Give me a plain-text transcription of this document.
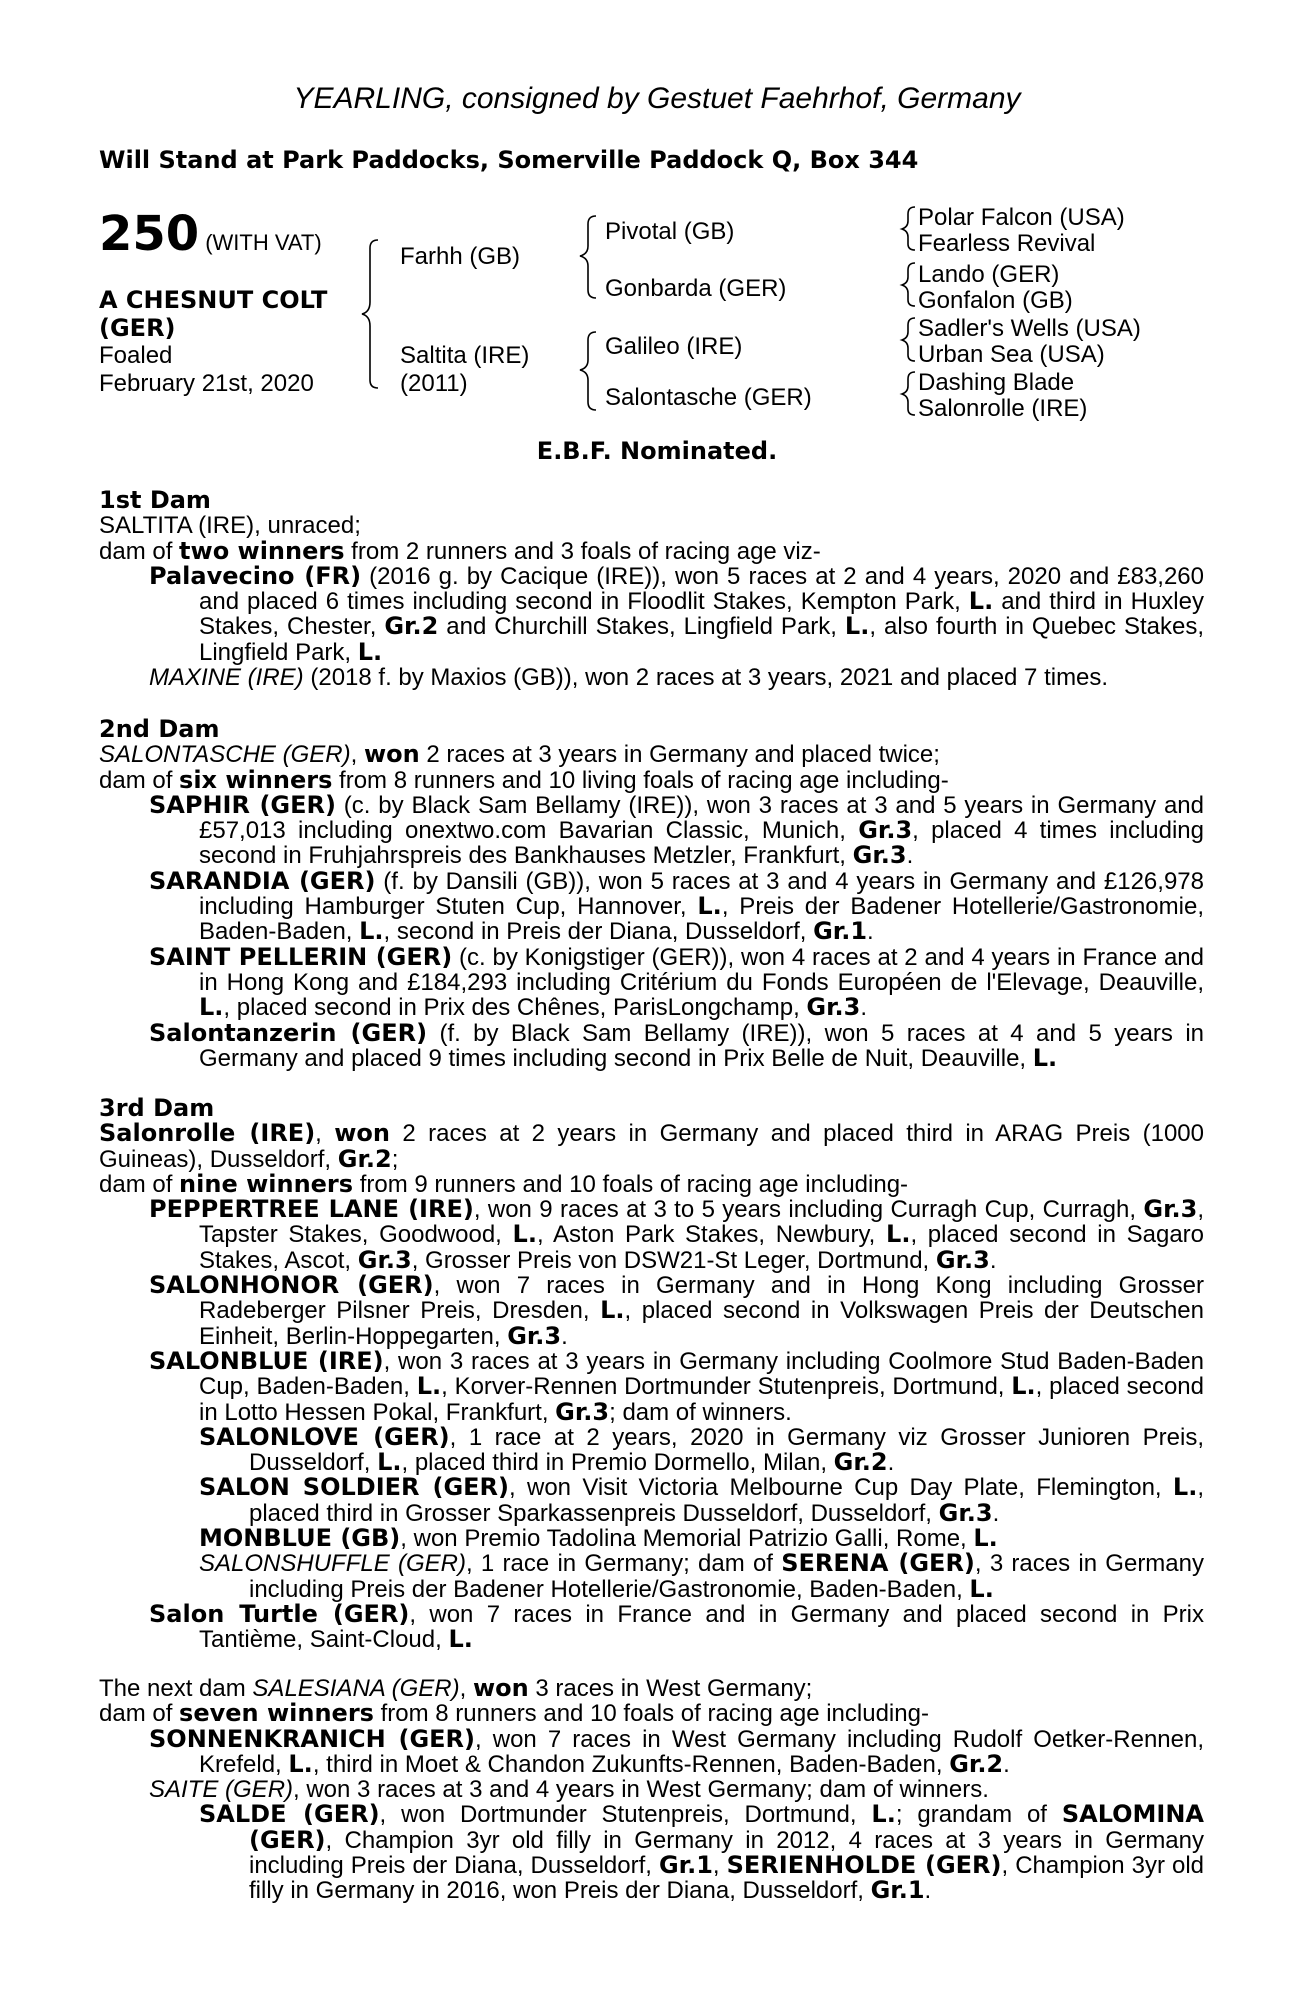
YEARLING, consigned by Gestuet Faehrhof, Germany
Will Stand at Park Paddocks, Somerville Paddock Q, Box 344
250 (WITH VAT)
A CHESNUT COLT
(GER)
Foaled
February 21st, 2020
Farhh (GB)
Saltita (IRE)
(2011)
Pivotal (GB)
Gonbarda (GER)
Galileo (IRE)
Salontasche (GER)
Polar Falcon (USA)
Fearless Revival
Lando (GER)
Gonfalon (GB)
Sadler's Wells (USA)
Urban Sea (USA)
Dashing Blade
Salonrolle (IRE)
E.B.F. Nominated.
1st Dam
SALTITA (IRE), unraced;
dam of two winners from 2 runners and 3 foals of racing age viz-
Palavecino (FR) (2016 g. by Cacique (IRE)), won 5 races at 2 and 4 years, 2020 and £83,260 and placed 6 times including second in Floodlit Stakes, Kempton Park, L. and third in Huxley Stakes, Chester, Gr.2 and Churchill Stakes, Lingfield Park, L., also fourth in Quebec Stakes, Lingfield Park, L.
MAXINE (IRE) (2018 f. by Maxios (GB)), won 2 races at 3 years, 2021 and placed 7 times.
2nd Dam
SALONTASCHE (GER), won 2 races at 3 years in Germany and placed twice;
dam of six winners from 8 runners and 10 living foals of racing age including-
SAPHIR (GER) (c. by Black Sam Bellamy (IRE)), won 3 races at 3 and 5 years in Germany and £57,013 including onextwo.com Bavarian Classic, Munich, Gr.3, placed 4 times including second in Fruhjahrspreis des Bankhauses Metzler, Frankfurt, Gr.3.
SARANDIA (GER) (f. by Dansili (GB)), won 5 races at 3 and 4 years in Germany and £126,978 including Hamburger Stuten Cup, Hannover, L., Preis der Badener Hotellerie/Gastronomie, Baden-Baden, L., second in Preis der Diana, Dusseldorf, Gr.1.
SAINT PELLERIN (GER) (c. by Konigstiger (GER)), won 4 races at 2 and 4 years in France and in Hong Kong and £184,293 including Critérium du Fonds Européen de l'Elevage, Deauville, L., placed second in Prix des Chênes, ParisLongchamp, Gr.3.
Salontanzerin (GER) (f. by Black Sam Bellamy (IRE)), won 5 races at 4 and 5 years in Germany and placed 9 times including second in Prix Belle de Nuit, Deauville, L.
3rd Dam
Salonrolle (IRE), won 2 races at 2 years in Germany and placed third in ARAG Preis (1000 Guineas), Dusseldorf, Gr.2;
dam of nine winners from 9 runners and 10 foals of racing age including-
PEPPERTREE LANE (IRE), won 9 races at 3 to 5 years including Curragh Cup, Curragh, Gr.3, Tapster Stakes, Goodwood, L., Aston Park Stakes, Newbury, L., placed second in Sagaro Stakes, Ascot, Gr.3, Grosser Preis von DSW21-St Leger, Dortmund, Gr.3.
SALONHONOR (GER), won 7 races in Germany and in Hong Kong including Grosser Radeberger Pilsner Preis, Dresden, L., placed second in Volkswagen Preis der Deutschen Einheit, Berlin-Hoppegarten, Gr.3.
SALONBLUE (IRE), won 3 races at 3 years in Germany including Coolmore Stud Baden-Baden Cup, Baden-Baden, L., Korver-Rennen Dortmunder Stutenpreis, Dortmund, L., placed second in Lotto Hessen Pokal, Frankfurt, Gr.3; dam of winners.
SALONLOVE (GER), 1 race at 2 years, 2020 in Germany viz Grosser Junioren Preis, Dusseldorf, L., placed third in Premio Dormello, Milan, Gr.2.
SALON SOLDIER (GER), won Visit Victoria Melbourne Cup Day Plate, Flemington, L., placed third in Grosser Sparkassenpreis Dusseldorf, Dusseldorf, Gr.3.
MONBLUE (GB), won Premio Tadolina Memorial Patrizio Galli, Rome, L.
SALONSHUFFLE (GER), 1 race in Germany; dam of SERENA (GER), 3 races in Germany including Preis der Badener Hotellerie/Gastronomie, Baden-Baden, L.
Salon Turtle (GER), won 7 races in France and in Germany and placed second in Prix Tantième, Saint-Cloud, L.
The next dam SALESIANA (GER), won 3 races in West Germany;
dam of seven winners from 8 runners and 10 foals of racing age including-
SONNENKRANICH (GER), won 7 races in West Germany including Rudolf Oetker-Rennen, Krefeld, L., third in Moet & Chandon Zukunfts-Rennen, Baden-Baden, Gr.2.
SAITE (GER), won 3 races at 3 and 4 years in West Germany; dam of winners.
SALDE (GER), won Dortmunder Stutenpreis, Dortmund, L.; grandam of SALOMINA (GER), Champion 3yr old filly in Germany in 2012, 4 races at 3 years in Germany including Preis der Diana, Dusseldorf, Gr.1, SERIENHOLDE (GER), Champion 3yr old filly in Germany in 2016, won Preis der Diana, Dusseldorf, Gr.1.
